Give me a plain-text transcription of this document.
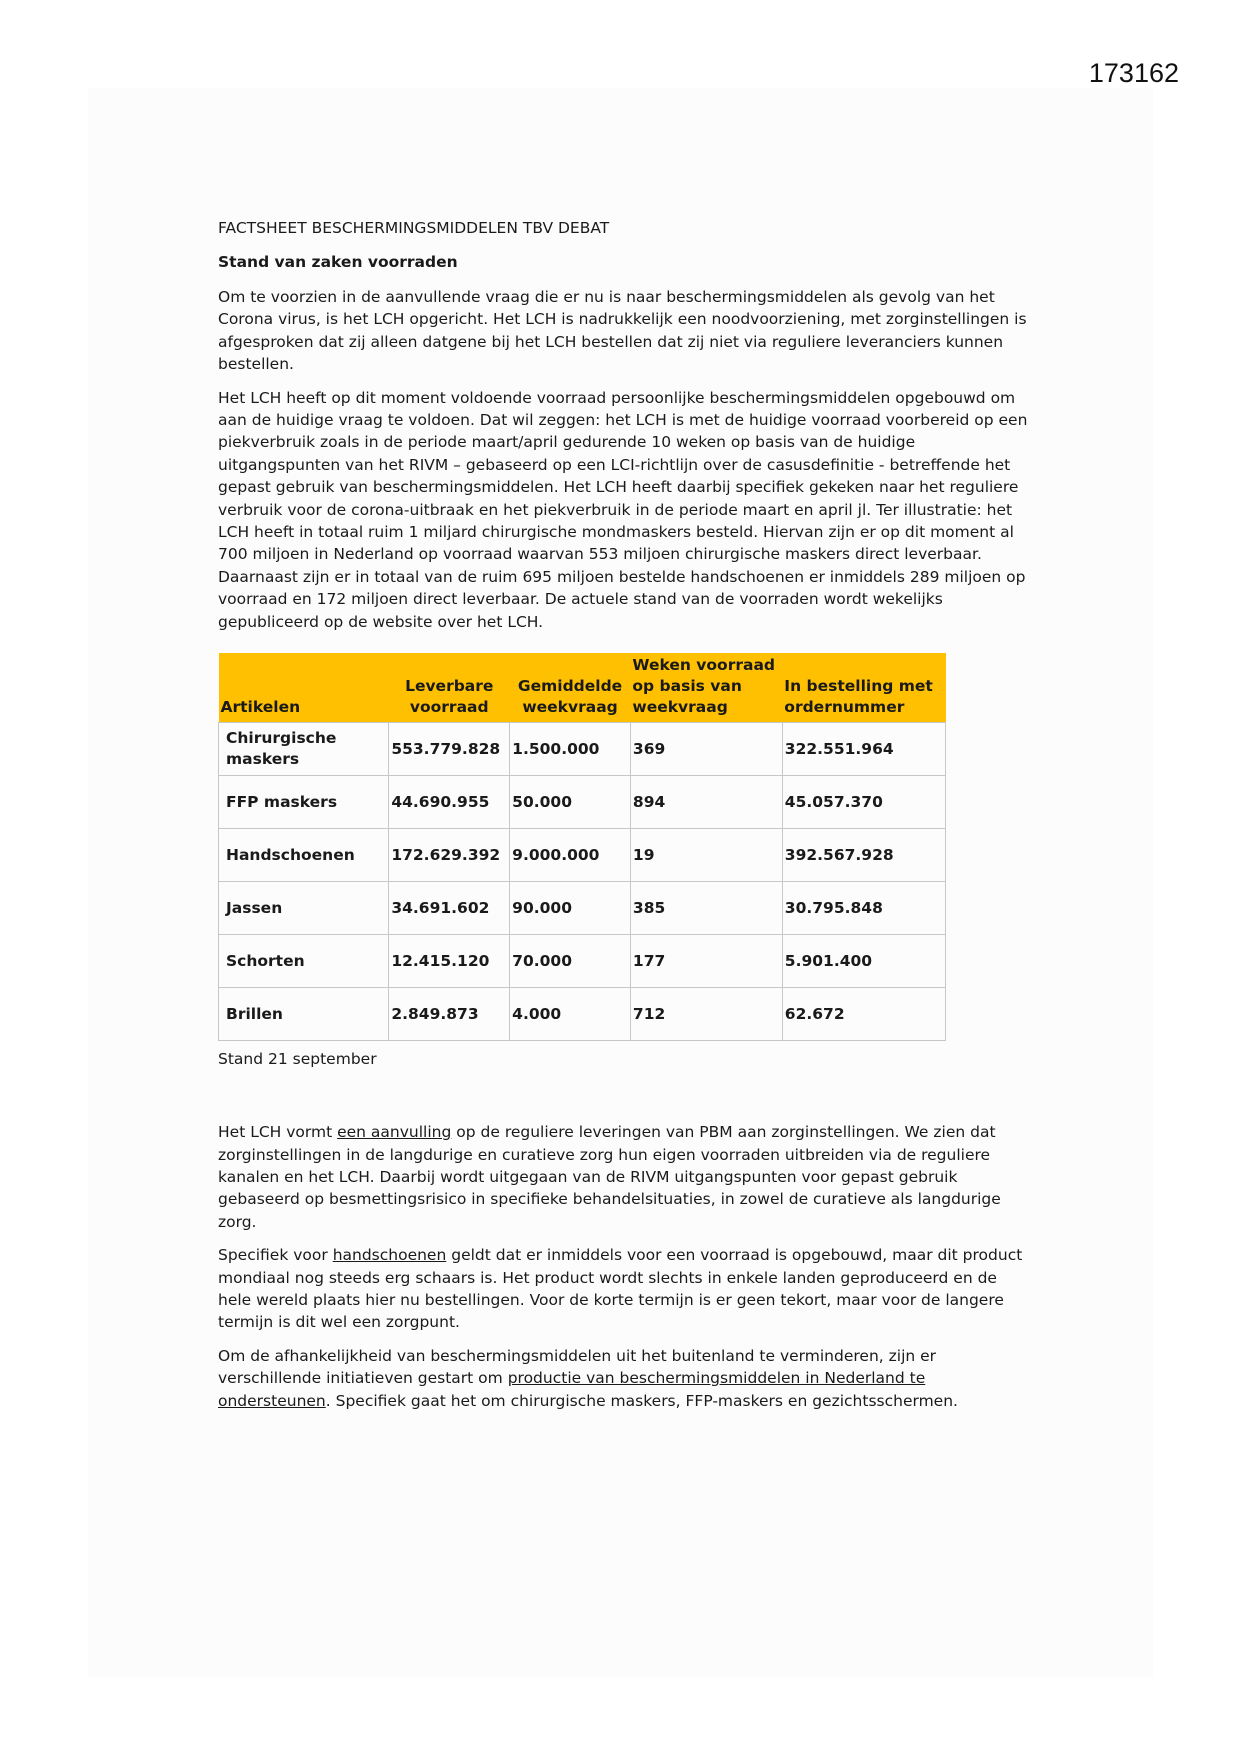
173162
FACTSHEET BESCHERMINGSMIDDELEN TBV DEBAT
Stand van zaken voorraden

Om te voorzien in de aanvullende vraag die er nu is naar beschermingsmiddelen als gevolg van het Corona virus, is het LCH opgericht. Het LCH is nadrukkelijk een noodvoorziening, met zorginstellingen is afgesproken dat zij alleen datgene bij het LCH bestellen dat zij niet via reguliere leveranciers kunnen bestellen.

Het LCH heeft op dit moment voldoende voorraad persoonlijke beschermingsmiddelen opgebouwd om aan de huidige vraag te voldoen. Dat wil zeggen: het LCH is met de huidige voorraad voorbereid op een piekverbruik zoals in de periode maart/april gedurende 10 weken op basis van de huidige uitgangspunten van het RIVM – gebaseerd op een LCI-richtlijn over de casusdefinitie - betreffende het gepast gebruik van beschermingsmiddelen. Het LCH heeft daarbij specifiek gekeken naar het reguliere verbruik voor de corona-uitbraak en het piekverbruik in de periode maart en april jl. Ter illustratie: het LCH heeft in totaal ruim 1 miljard chirurgische mondmaskers besteld. Hiervan zijn er op dit moment al 700 miljoen in Nederland op voorraad waarvan 553 miljoen chirurgische maskers direct leverbaar. Daarnaast zijn er in totaal van de ruim 695 miljoen bestelde handschoenen er inmiddels 289 miljoen op voorraad en 172 miljoen direct leverbaar. De actuele stand van de voorraden wordt wekelijks gepubliceerd op de website over het LCH.

Artikelen	Leverbare voorraad	Gemiddelde weekvraag	Weken voorraad op basis van weekvraag	In bestelling met ordernummer
Chirurgische maskers	553.779.828	1.500.000	369	322.551.964
FFP maskers	44.690.955	50.000	894	45.057.370
Handschoenen	172.629.392	9.000.000	19	392.567.928
Jassen	34.691.602	90.000	385	30.795.848
Schorten	12.415.120	70.000	177	5.901.400
Brillen	2.849.873	4.000	712	62.672
Stand 21 september

Het LCH vormt een aanvulling op de reguliere leveringen van PBM aan zorginstellingen. We zien dat zorginstellingen in de langdurige en curatieve zorg hun eigen voorraden uitbreiden via de reguliere kanalen en het LCH. Daarbij wordt uitgegaan van de RIVM uitgangspunten voor gepast gebruik gebaseerd op besmettingsrisico in specifieke behandelsituaties, in zowel de curatieve als langdurige zorg.

Specifiek voor handschoenen geldt dat er inmiddels voor een voorraad is opgebouwd, maar dit product mondiaal nog steeds erg schaars is. Het product wordt slechts in enkele landen geproduceerd en de hele wereld plaats hier nu bestellingen. Voor de korte termijn is er geen tekort, maar voor de langere termijn is dit wel een zorgpunt.

Om de afhankelijkheid van beschermingsmiddelen uit het buitenland te verminderen, zijn er verschillende initiatieven gestart om productie van beschermingsmiddelen in Nederland te ondersteunen. Specifiek gaat het om chirurgische maskers, FFP-maskers en gezichtsschermen.
